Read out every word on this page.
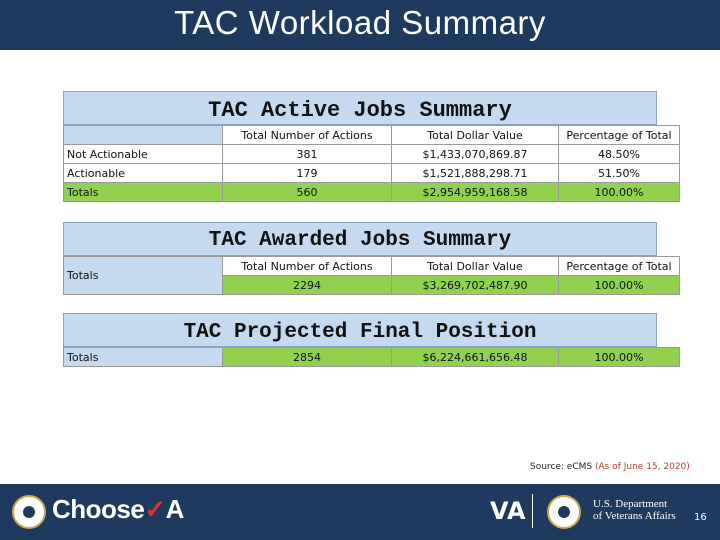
TAC Workload Summary
TAC Active Jobs Summary
	Total Number of Actions	Total Dollar Value	Percentage of Total
Not Actionable	381	$1,433,070,869.87	48.50%
Actionable	179	$1,521,888,298.71	51.50%
Totals	560	$2,954,959,168.58	100.00%
TAC Awarded Jobs Summary
Totals	Total Number of Actions	Total Dollar Value	Percentage of Total
	2294	$3,269,702,487.90	100.00%
TAC Projected Final Position
Totals	2854	$6,224,661,656.48	100.00%
Source: eCMS (As of June 15, 2020)
Choose✓A	VA	U.S. Department
of Veterans Affairs 16
